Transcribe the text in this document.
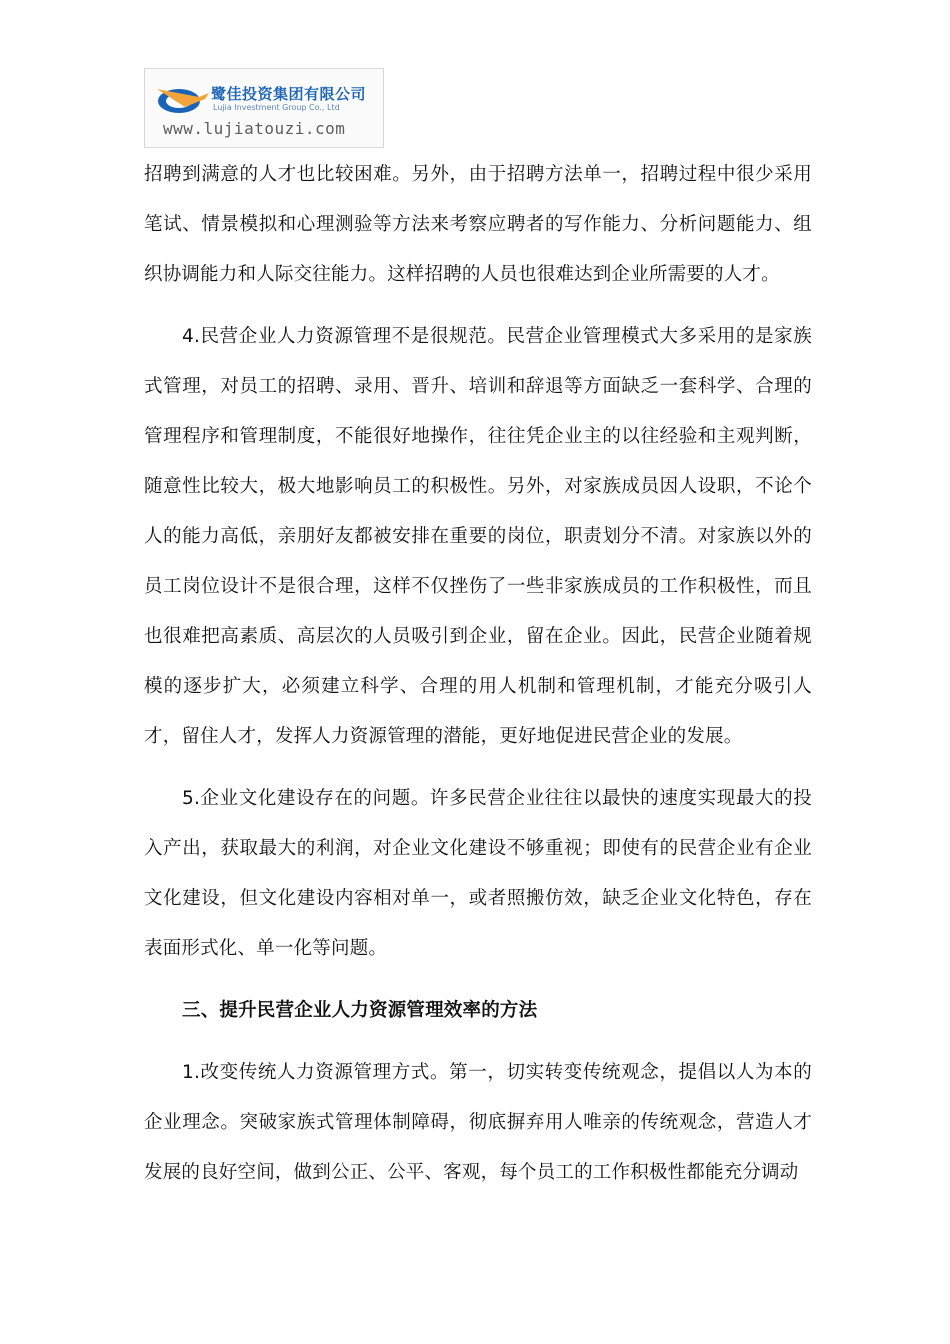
鹭佳投资集团有限公司
Lujia Investment Group Co., Ltd
www.lujiatouzi.com

招聘到满意的人才也比较困难。另外，由于招聘方法单一，招聘过程中很少采用笔试、情景模拟和心理测验等方法来考察应聘者的写作能力、分析问题能力、组织协调能力和人际交往能力。这样招聘的人员也很难达到企业所需要的人才。

4.民营企业人力资源管理不是很规范。民营企业管理模式大多采用的是家族式管理，对员工的招聘、录用、晋升、培训和辞退等方面缺乏一套科学、合理的管理程序和管理制度，不能很好地操作，往往凭企业主的以往经验和主观判断，随意性比较大，极大地影响员工的积极性。另外，对家族成员因人设职，不论个人的能力高低，亲朋好友都被安排在重要的岗位，职责划分不清。对家族以外的员工岗位设计不是很合理，这样不仅挫伤了一些非家族成员的工作积极性，而且也很难把高素质、高层次的人员吸引到企业，留在企业。因此，民营企业随着规模的逐步扩大，必须建立科学、合理的用人机制和管理机制，才能充分吸引人才，留住人才，发挥人力资源管理的潜能，更好地促进民营企业的发展。

5.企业文化建设存在的问题。许多民营企业往往以最快的速度实现最大的投入产出，获取最大的利润，对企业文化建设不够重视；即使有的民营企业有企业文化建设，但文化建设内容相对单一，或者照搬仿效，缺乏企业文化特色，存在表面形式化、单一化等问题。

三、提升民营企业人力资源管理效率的方法

1.改变传统人力资源管理方式。第一，切实转变传统观念，提倡以人为本的企业理念。突破家族式管理体制障碍，彻底摒弃用人唯亲的传统观念，营造人才发展的良好空间，做到公正、公平、客观，每个员工的工作积极性都能充分调动
